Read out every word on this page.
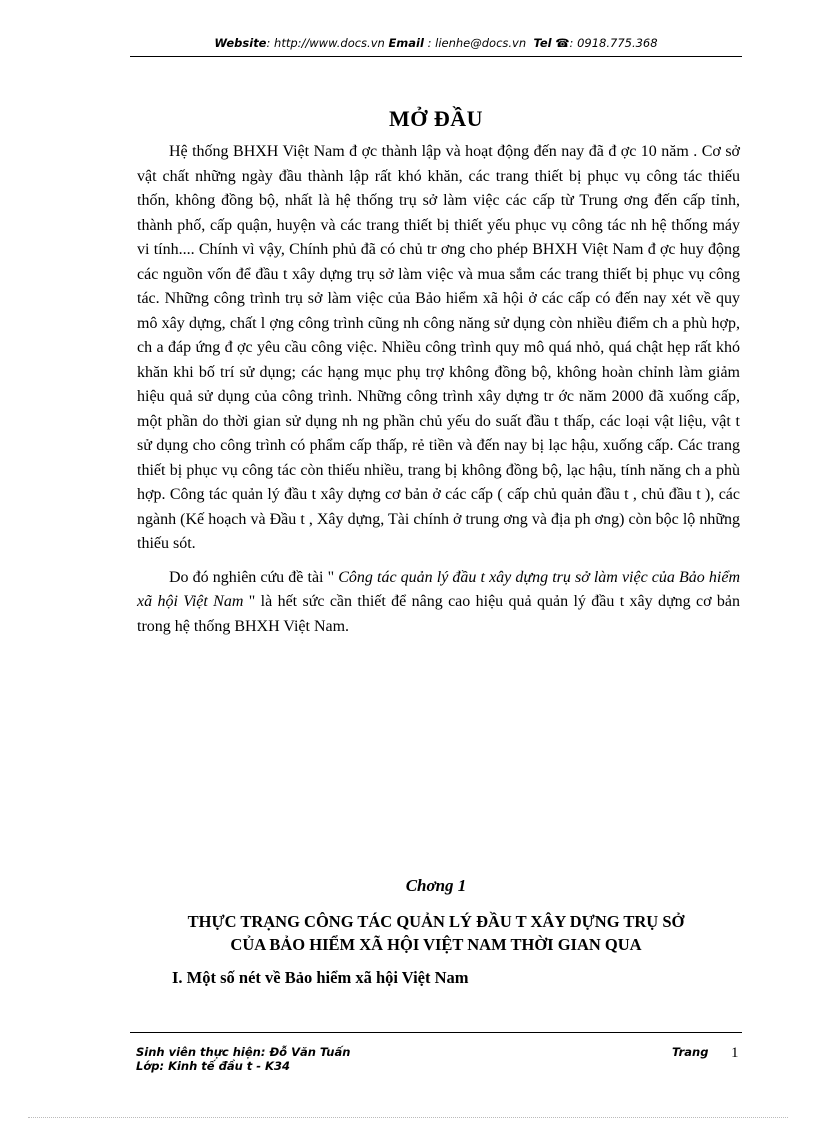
Website: http://www.docs.vn Email : lienhe@docs.vn Tel ☎: 0918.775.368
MỞ ĐẦU

Hệ thống BHXH Việt Nam đ ợc thành lập và hoạt động đến nay đã đ ợc 10 năm . Cơ sở vật chất những ngày đầu thành lập rất khó khăn, các trang thiết bị phục vụ công tác thiếu thốn, không đồng bộ, nhất là hệ thống trụ sở làm việc các cấp từ Trung ơng đến cấp tỉnh, thành phố, cấp quận, huyện và các trang thiết bị thiết yếu phục vụ công tác nh hệ thống máy vi tính.... Chính vì vậy, Chính phủ đã có chủ tr ơng cho phép BHXH Việt Nam đ ợc huy động các nguồn vốn để đầu t xây dựng trụ sở làm việc và mua sắm các trang thiết bị phục vụ công tác. Những công trình trụ sở làm việc của Bảo hiểm xã hội ở các cấp có đến nay xét về quy mô xây dựng, chất l ợng công trình cũng nh công năng sử dụng còn nhiều điểm ch a phù hợp, ch a đáp ứng đ ợc yêu cầu công việc. Nhiều công trình quy mô quá nhỏ, quá chật hẹp rất khó khăn khi bố trí sử dụng; các hạng mục phụ trợ không đồng bộ, không hoàn chỉnh làm giảm hiệu quả sử dụng của công trình. Những công trình xây dựng tr ớc năm 2000 đã xuống cấp, một phần do thời gian sử dụng nh ng phần chủ yếu do suất đầu t thấp, các loại vật liệu, vật t sử dụng cho công trình có phẩm cấp thấp, rẻ tiền và đến nay bị lạc hậu, xuống cấp. Các trang thiết bị phục vụ công tác còn thiếu nhiều, trang bị không đồng bộ, lạc hậu, tính năng ch a phù hợp. Công tác quản lý đầu t xây dựng cơ bản ở các cấp ( cấp chủ quản đầu t , chủ đầu t ), các ngành (Kế hoạch và Đầu t , Xây dựng, Tài chính ở trung ơng và địa ph ơng) còn bộc lộ những thiếu sót.

Do đó nghiên cứu đề tài " Công tác quản lý đầu t xây dựng trụ sở làm việc của Bảo hiểm xã hội Việt Nam " là hết sức cần thiết để nâng cao hiệu quả quản lý đầu t xây dựng cơ bản trong hệ thống BHXH Việt Nam.

Chơng 1
THỰC TRẠNG CÔNG TÁC QUẢN LÝ ĐẦU T XÂY DỰNG TRỤ SỞ
CỦA BẢO HIỂM XÃ HỘI VIỆT NAM THỜI GIAN QUA
I. Một số nét về Bảo hiểm xã hội Việt Nam
Sinh viên thực hiện: Đỗ Văn Tuấn
Lớp: Kinh tế đầu t - K34
Trang 1
